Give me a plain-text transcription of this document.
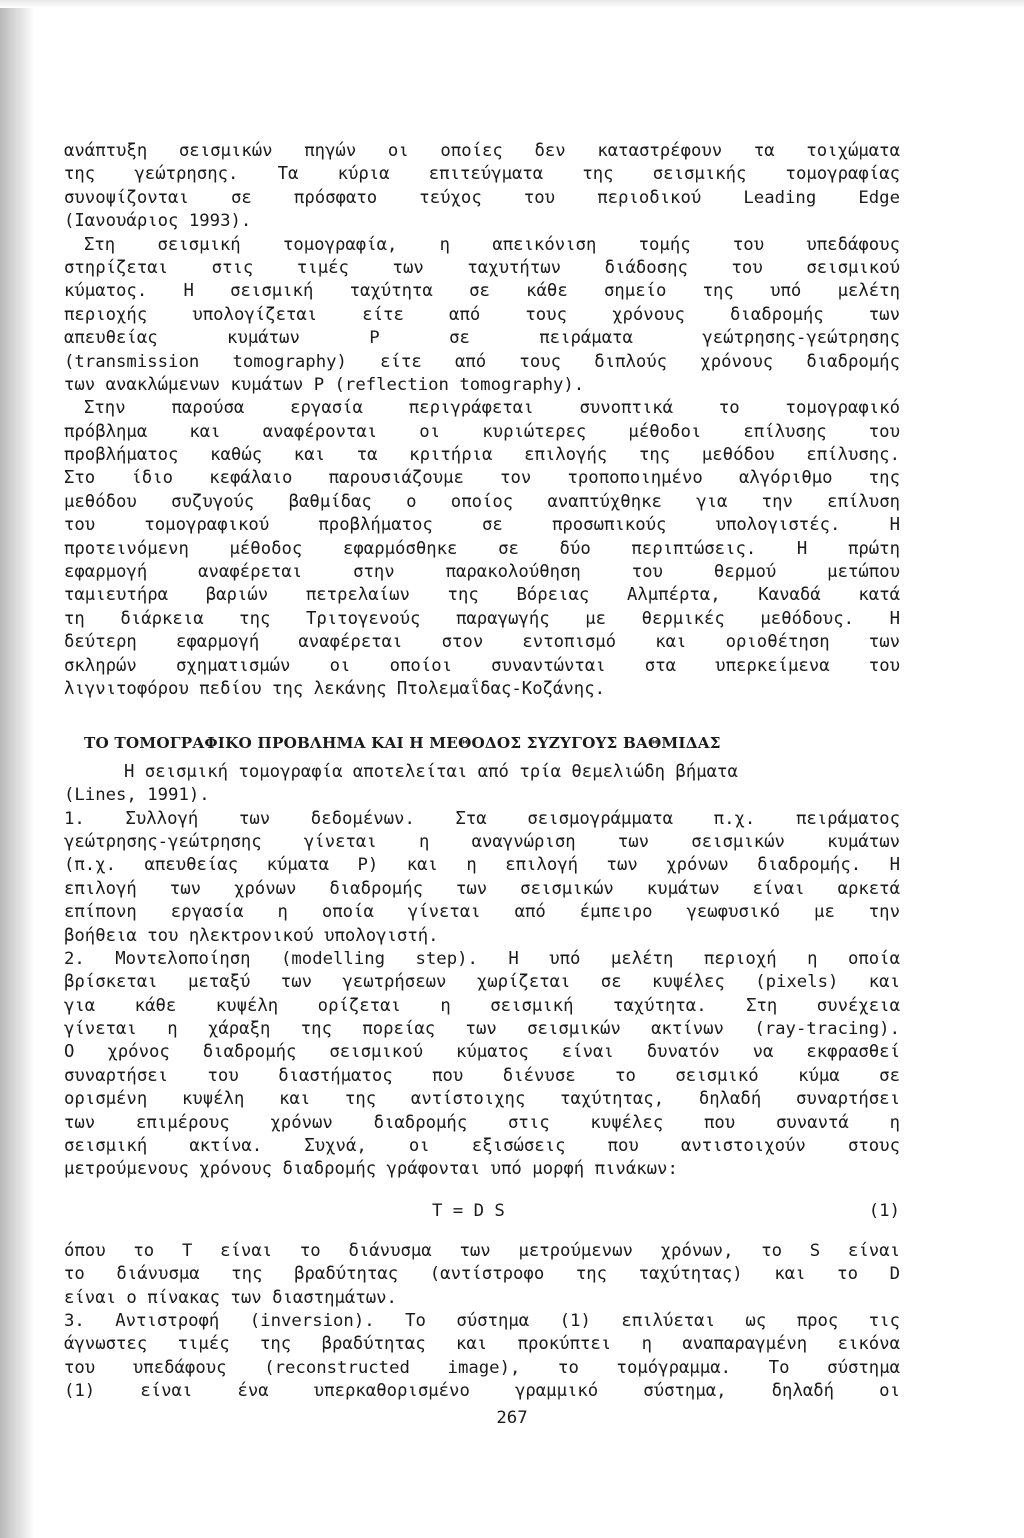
ανάπτυξη σεισμικών πηγών οι οποίες δεν καταστρέφουν τα τοιχώματα
της γεώτρησης. Τα κύρια επιτεύγματα της σεισμικής τομογραφίας
συνοψίζονται σε πρόσφατο τεύχος του περιοδικού Leading Edge
(Ιανουάριος 1993).
Στη σεισμική τομογραφία, η απεικόνιση τομής του υπεδάφους
στηρίζεται στις τιμές των ταχυτήτων διάδοσης του σεισμικού
κύματος. Η σεισμική ταχύτητα σε κάθε σημείο της υπό μελέτη
περιοχής υπολογίζεται είτε από τους χρόνους διαδρομής των
απευθείας κυμάτων P σε πειράματα γεώτρησης-γεώτρησης
(transmission tomography) είτε από τους διπλούς χρόνους διαδρομής
των ανακλώμενων κυμάτων P (reflection tomography).
Στην παρούσα εργασία περιγράφεται συνοπτικά το τομογραφικό
πρόβλημα και αναφέρονται οι κυριώτερες μέθοδοι επίλυσης του
προβλήματος καθώς και τα κριτήρια επιλογής της μεθόδου επίλυσης.
Στο ίδιο κεφάλαιο παρουσιάζουμε τον τροποποιημένο αλγόριθμο της
μεθόδου συζυγούς βαθμίδας ο οποίος αναπτύχθηκε για την επίλυση
του τομογραφικού προβλήματος σε προσωπικούς υπολογιστές. Η
προτεινόμενη μέθοδος εφαρμόσθηκε σε δύο περιπτώσεις. Η πρώτη
εφαρμογή αναφέρεται στην παρακολούθηση του θερμού μετώπου
ταμιευτήρα βαριών πετρελαίων της Βόρειας Αλμπέρτα, Καναδά κατά
τη διάρκεια της Τριτογενούς παραγωγής με θερμικές μεθόδους. Η
δεύτερη εφαρμογή αναφέρεται στον εντοπισμό και οριοθέτηση των
σκληρών σχηματισμών οι οποίοι συναντώνται στα υπερκείμενα του
λιγνιτοφόρου πεδίου της λεκάνης Πτολεμαΐδας-Κοζάνης.
ΤΟ ΤΟΜΟΓΡΑΦΙΚΟ ΠΡΟΒΛΗΜΑ ΚΑΙ Η ΜΕΘΟΔΟΣ ΣΥΖΥΓΟΥΣ ΒΑΘΜΙΔΑΣ
Η σεισμική τομογραφία αποτελείται από τρία θεμελιώδη βήματα
(Lines, 1991).
1. Συλλογή των δεδομένων. Στα σεισμογράμματα π.χ. πειράματος
γεώτρησης-γεώτρησης γίνεται η αναγνώριση των σεισμικών κυμάτων
(π.χ. απευθείας κύματα P) και η επιλογή των χρόνων διαδρομής. Η
επιλογή των χρόνων διαδρομής των σεισμικών κυμάτων είναι αρκετά
επίπονη εργασία η οποία γίνεται από έμπειρο γεωφυσικό με την
βοήθεια του ηλεκτρονικού υπολογιστή.
2. Μοντελοποίηση (modelling step). Η υπό μελέτη περιοχή η οποία
βρίσκεται μεταξύ των γεωτρήσεων χωρίζεται σε κυψέλες (pixels) και
για κάθε κυψέλη ορίζεται η σεισμική ταχύτητα. Στη συνέχεια
γίνεται η χάραξη της πορείας των σεισμικών ακτίνων (ray-tracing).
Ο χρόνος διαδρομής σεισμικού κύματος είναι δυνατόν να εκφρασθεί
συναρτήσει του διαστήματος που διένυσε το σεισμικό κύμα σε
ορισμένη κυψέλη και της αντίστοιχης ταχύτητας, δηλαδή συναρτήσει
των επιμέρους χρόνων διαδρομής στις κυψέλες που συναντά η
σεισμική ακτίνα. Συχνά, οι εξισώσεις που αντιστοιχούν στους
μετρούμενους χρόνους διαδρομής γράφονται υπό μορφή πινάκων:
T = D S	(1)
όπου το T είναι το διάνυσμα των μετρούμενων χρόνων, το S είναι
το διάνυσμα της βραδύτητας (αντίστροφο της ταχύτητας) και το D
είναι ο πίνακας των διαστημάτων.
3. Αντιστροφή (inversion). Το σύστημα (1) επιλύεται ως προς τις
άγνωστες τιμές της βραδύτητας και προκύπτει η αναπαραγμένη εικόνα
του υπεδάφους (reconstructed image), το τομόγραμμα. Το σύστημα
(1) είναι ένα υπερκαθορισμένο γραμμικό σύστημα, δηλαδή οι
267
